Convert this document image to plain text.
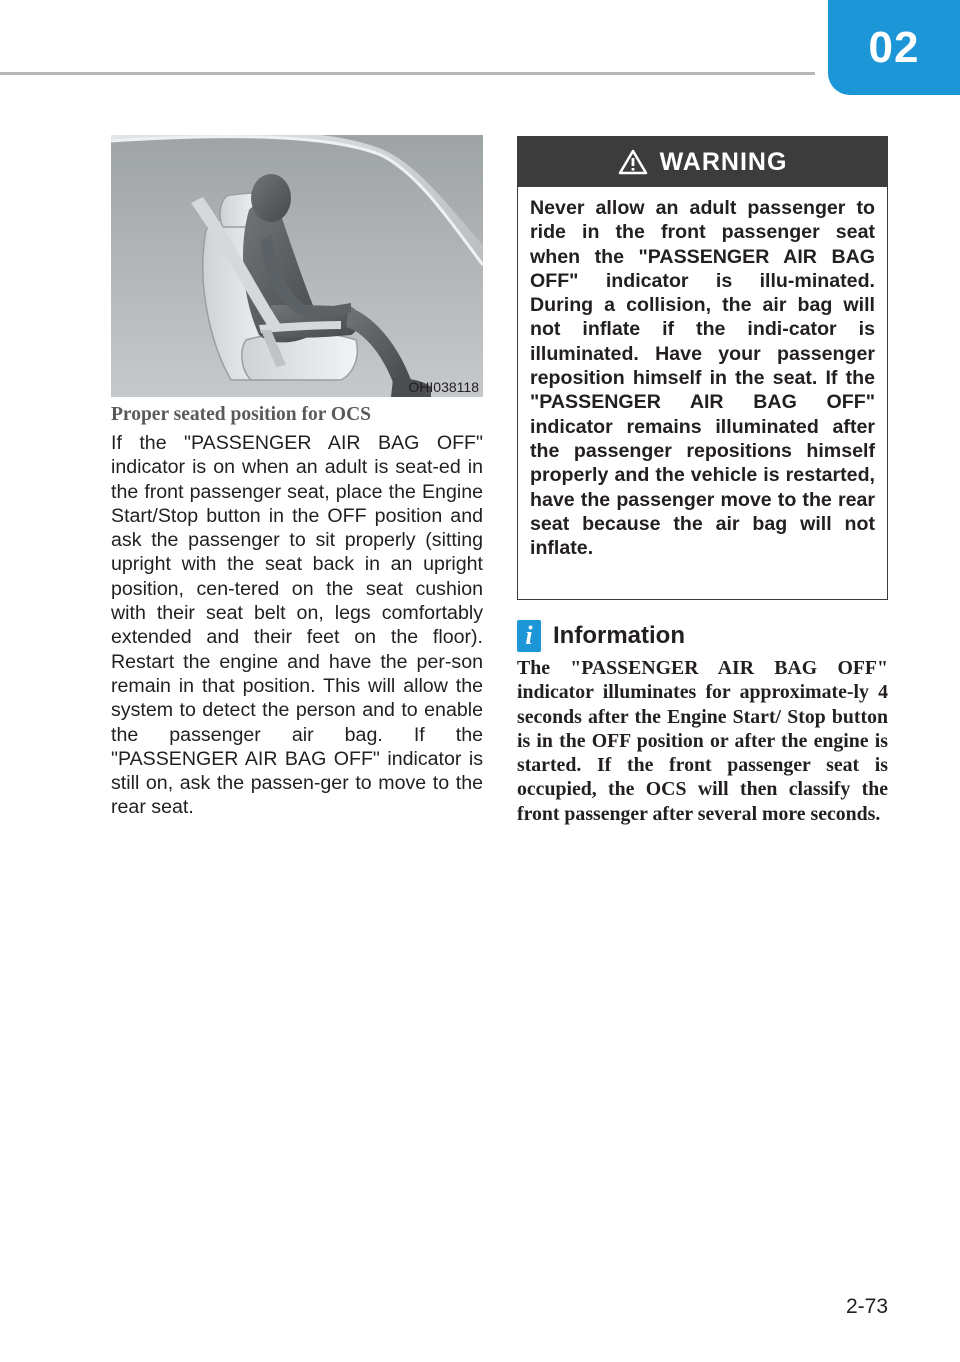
02
OHI038118
Proper seated position for OCS
If the "PASSENGER AIR BAG OFF" indicator is on when an adult is seat-ed in the front passenger seat, place the Engine Start/Stop button in the OFF position and ask the passenger to sit properly (sitting upright with the seat back in an upright position, cen-tered on the seat cushion with their seat belt on, legs comfortably extended and their feet on the floor). Restart the engine and have the per-son remain in that position. This will allow the system to detect the person and to enable the passenger air bag. If the "PASSENGER AIR BAG OFF" indicator is still on, ask the passen-ger to move to the rear seat.
WARNING
Never allow an adult passenger to ride in the front passenger seat when the "PASSENGER AIR BAG OFF" indicator is illu-minated. During a collision, the air bag will not inflate if the indi-cator is illuminated. Have your passenger reposition himself in the seat. If the "PASSENGER AIR BAG OFF" indicator remains illuminated after the passenger repositions himself properly and the vehicle is restarted, have the passenger move to the rear seat because the air bag will not inflate.
i Information
The "PASSENGER AIR BAG OFF" indicator illuminates for approximate-ly 4 seconds after the Engine Start/ Stop button is in the OFF position or after the engine is started. If the front passenger seat is occupied, the OCS will then classify the front passenger after several more seconds.
2-73
